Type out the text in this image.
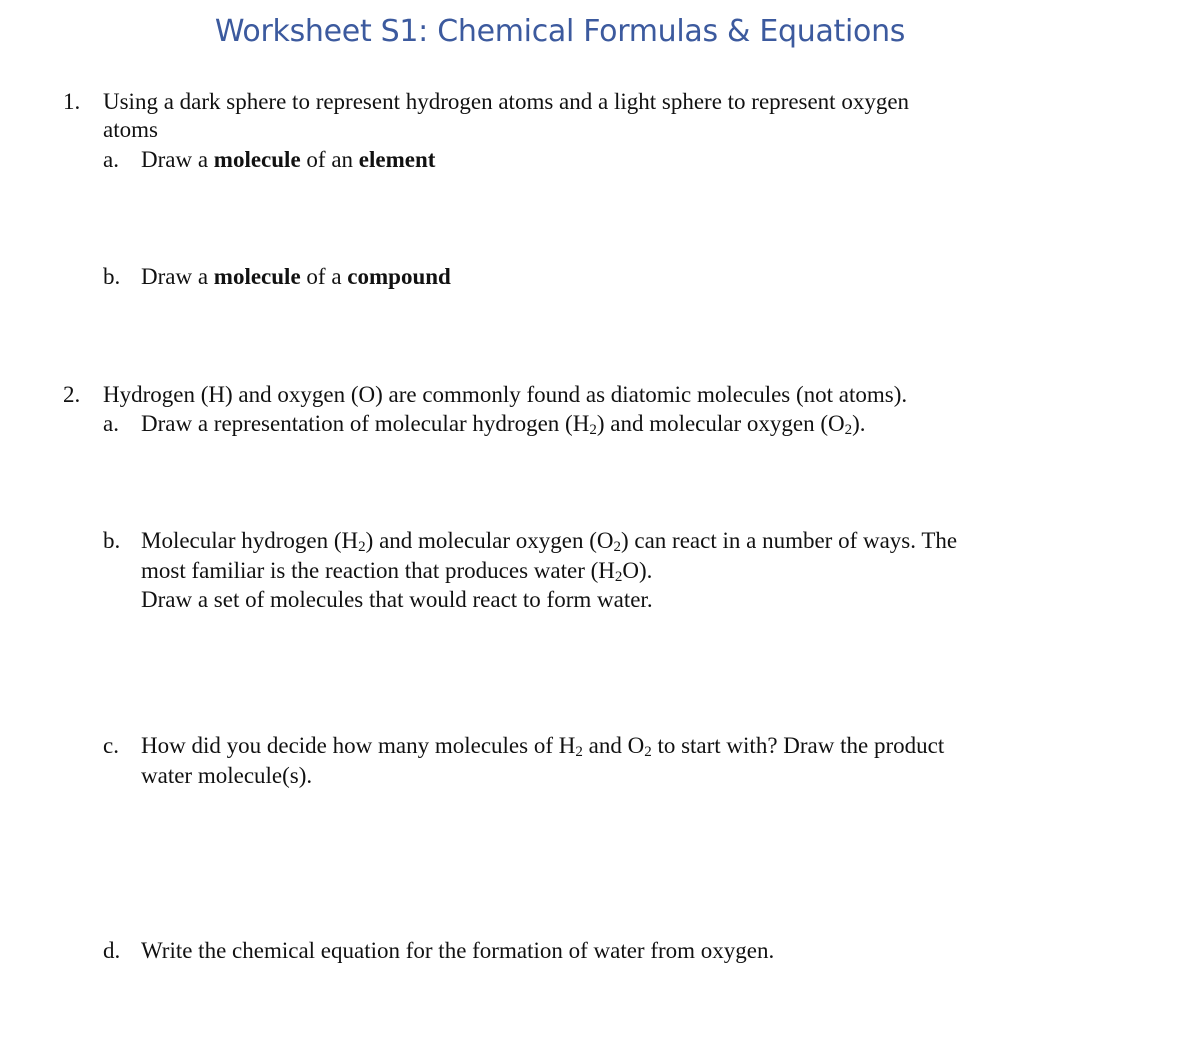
Worksheet S1: Chemical Formulas & Equations
1. Using a dark sphere to represent hydrogen atoms and a light sphere to represent oxygen
atoms
a. Draw a molecule of an element
b. Draw a molecule of a compound
2. Hydrogen (H) and oxygen (O) are commonly found as diatomic molecules (not atoms).
a. Draw a representation of molecular hydrogen $(H_2)$ and molecular oxygen $(O_2)$.
b. Molecular hydrogen $(H_2)$ and molecular oxygen $(O_2)$ can react in a number of ways. The
most familiar is the reaction that produces water $(H_2O)$.
Draw a set of molecules that would react to form water.
c. How did you decide how many molecules of $H_2$ and $O_2$ to start with? Draw the product
water molecule(s).
d. Write the chemical equation for the formation of water from oxygen.
